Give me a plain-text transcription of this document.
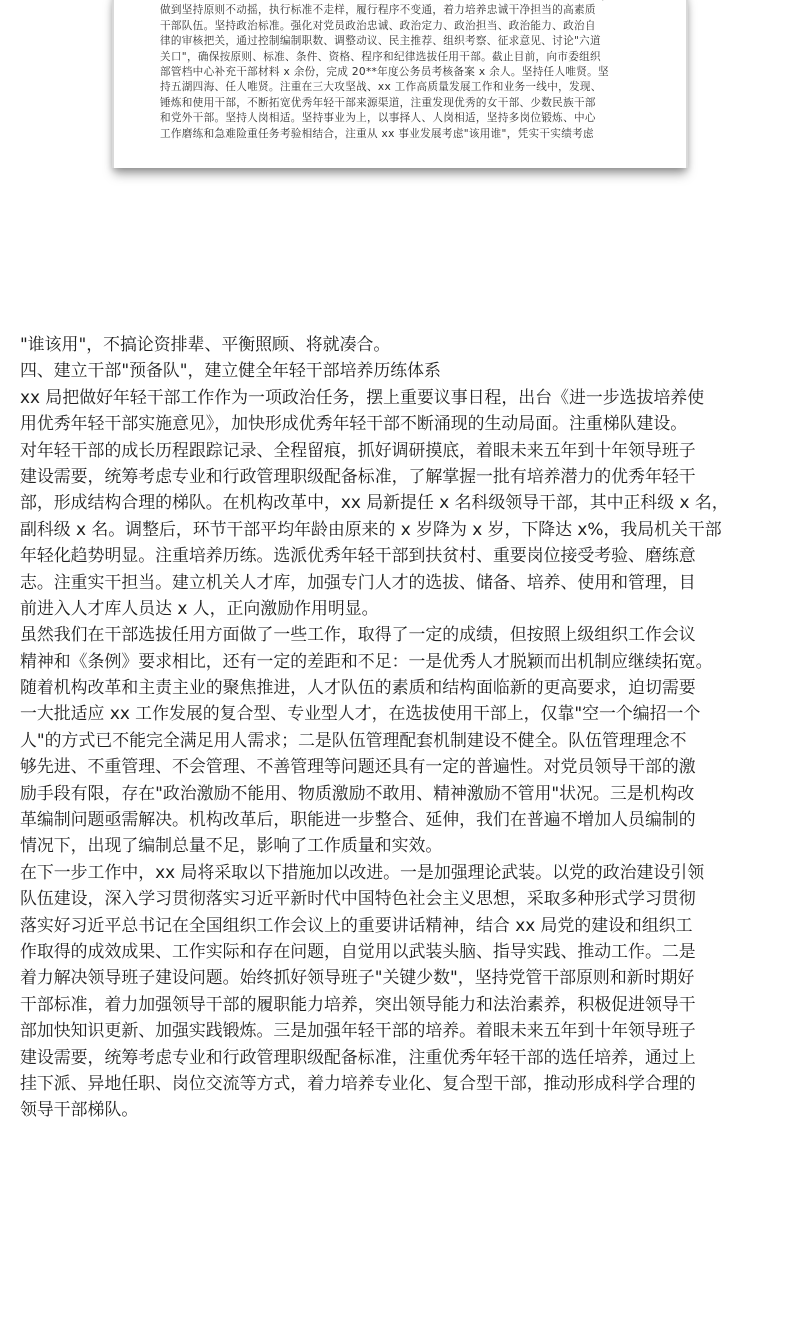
做到坚持原则不动摇，执行标准不走样，履行程序不变通，着力培养忠诚干净担当的高素质
干部队伍。坚持政治标准。强化对党员政治忠诚、政治定力、政治担当、政治能力、政治自
律的审核把关，通过控制编制职数、调整动议、民主推荐、组织考察、征求意见、讨论"六道
关口"，确保按原则、标准、条件、资格、程序和纪律选拔任用干部。截止目前，向市委组织
部管档中心补充干部材料 x 余份，完成 20**年度公务员考核备案 x 余人。坚持任人唯贤。坚
持五湖四海、任人唯贤。注重在三大攻坚战、xx 工作高质量发展工作和业务一线中，发现、
锤炼和使用干部，不断拓宽优秀年轻干部来源渠道，注重发现优秀的女干部、少数民族干部
和党外干部。坚持人岗相适。坚持事业为上，以事择人、人岗相适，坚持多岗位锻炼、中心
工作磨练和急难险重任务考验相结合，注重从 xx 事业发展考虑"该用谁"，凭实干实绩考虑
"谁该用"，不搞论资排辈、平衡照顾、将就凑合。
四、建立干部"预备队"，建立健全年轻干部培养历练体系
xx 局把做好年轻干部工作作为一项政治任务，摆上重要议事日程，出台《进一步选拔培养使
用优秀年轻干部实施意见》，加快形成优秀年轻干部不断涌现的生动局面。注重梯队建设。
对年轻干部的成长历程跟踪记录、全程留痕，抓好调研摸底，着眼未来五年到十年领导班子
建设需要，统筹考虑专业和行政管理职级配备标准，了解掌握一批有培养潜力的优秀年轻干
部，形成结构合理的梯队。在机构改革中，xx 局新提任 x 名科级领导干部，其中正科级 x 名，
副科级 x 名。调整后，环节干部平均年龄由原来的 x 岁降为 x 岁，下降达 x%，我局机关干部
年轻化趋势明显。注重培养历练。选派优秀年轻干部到扶贫村、重要岗位接受考验、磨练意
志。注重实干担当。建立机关人才库，加强专门人才的选拔、储备、培养、使用和管理，目
前进入人才库人员达 x 人，正向激励作用明显。
虽然我们在干部选拔任用方面做了一些工作，取得了一定的成绩，但按照上级组织工作会议
精神和《条例》要求相比，还有一定的差距和不足：一是优秀人才脱颖而出机制应继续拓宽。
随着机构改革和主责主业的聚焦推进，人才队伍的素质和结构面临新的更高要求，迫切需要
一大批适应 xx 工作发展的复合型、专业型人才，在选拔使用干部上，仅靠"空一个编招一个
人"的方式已不能完全满足用人需求；二是队伍管理配套机制建设不健全。队伍管理理念不
够先进、不重管理、不会管理、不善管理等问题还具有一定的普遍性。对党员领导干部的激
励手段有限，存在"政治激励不能用、物质激励不敢用、精神激励不管用"状况。三是机构改
革编制问题亟需解决。机构改革后，职能进一步整合、延伸，我们在普遍不增加人员编制的
情况下，出现了编制总量不足，影响了工作质量和实效。
在下一步工作中，xx 局将采取以下措施加以改进。一是加强理论武装。以党的政治建设引领
队伍建设，深入学习贯彻落实习近平新时代中国特色社会主义思想，采取多种形式学习贯彻
落实好习近平总书记在全国组织工作会议上的重要讲话精神，结合 xx 局党的建设和组织工
作取得的成效成果、工作实际和存在问题，自觉用以武装头脑、指导实践、推动工作。二是
着力解决领导班子建设问题。始终抓好领导班子"关键少数"，坚持党管干部原则和新时期好
干部标准，着力加强领导干部的履职能力培养，突出领导能力和法治素养，积极促进领导干
部加快知识更新、加强实践锻炼。三是加强年轻干部的培养。着眼未来五年到十年领导班子
建设需要，统筹考虑专业和行政管理职级配备标准，注重优秀年轻干部的选任培养，通过上
挂下派、异地任职、岗位交流等方式，着力培养专业化、复合型干部，推动形成科学合理的
领导干部梯队。
